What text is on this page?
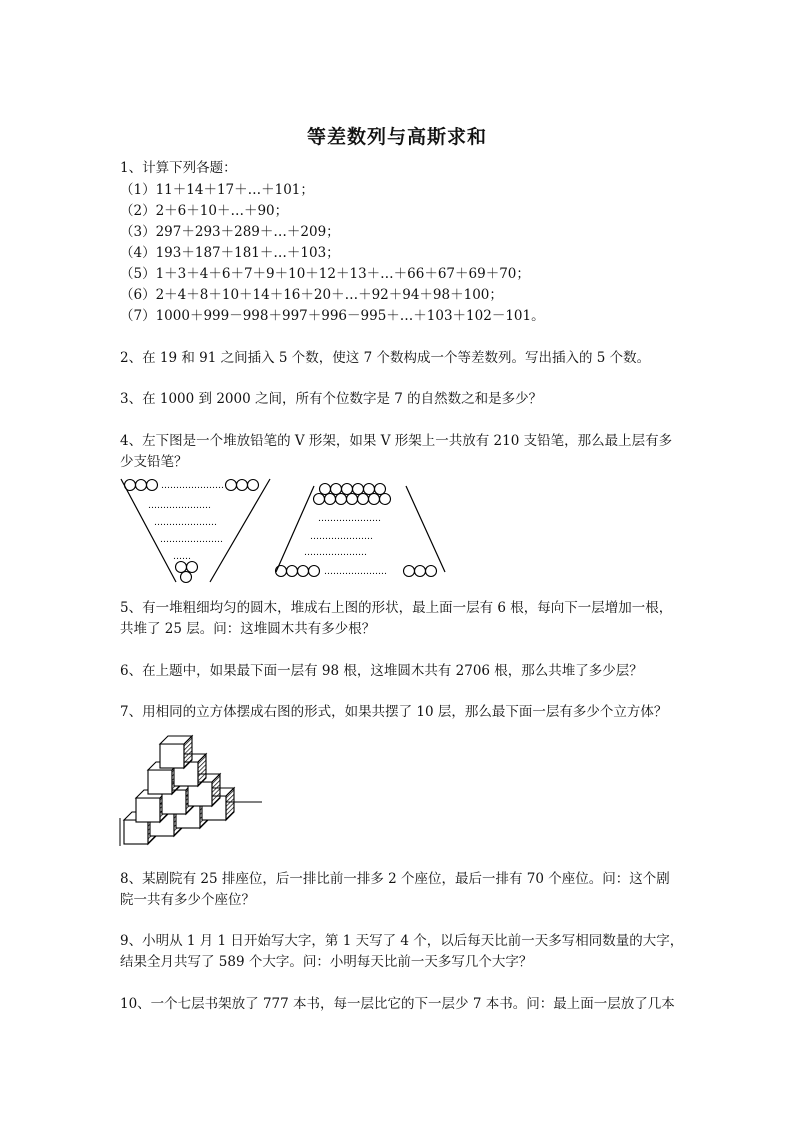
等差数列与高斯求和
1、计算下列各题：
（1）11＋14＋17＋…＋101；
（2）2＋6＋10＋…＋90；
（3）297＋293＋289＋…＋209；
（4）193＋187＋181＋…＋103；
（5）1＋3＋4＋6＋7＋9＋10＋12＋13＋…＋66＋67＋69＋70；
（6）2＋4＋8＋10＋14＋16＋20＋…＋92＋94＋98＋100；
（7）1000＋999－998＋997＋996－995＋…＋103＋102－101。
2、在 19 和 91 之间插入 5 个数，使这 7 个数构成一个等差数列。写出插入的 5 个数。
3、在 1000 到 2000 之间，所有个位数字是 7 的自然数之和是多少？
4、左下图是一个堆放铅笔的 V 形架，如果 V 形架上一共放有 210 支铅笔，那么最上层有多
少支铅笔？
…………………
…………………
…………………
…………………
……
…………………
…………………
…………………
…………………
5、有一堆粗细均匀的圆木，堆成右上图的形状，最上面一层有 6 根，每向下一层增加一根，
共堆了 25 层。问：这堆圆木共有多少根？
6、在上题中，如果最下面一层有 98 根，这堆圆木共有 2706 根，那么共堆了多少层？
7、用相同的立方体摆成右图的形式，如果共摆了 10 层，那么最下面一层有多少个立方体？
8、某剧院有 25 排座位，后一排比前一排多 2 个座位，最后一排有 70 个座位。问：这个剧
院一共有多少个座位？
9、小明从 1 月 1 日开始写大字，第 1 天写了 4 个，以后每天比前一天多写相同数量的大字，
结果全月共写了 589 个大字。问：小明每天比前一天多写几个大字？
10、一个七层书架放了 777 本书，每一层比它的下一层少 7 本书。问：最上面一层放了几本
